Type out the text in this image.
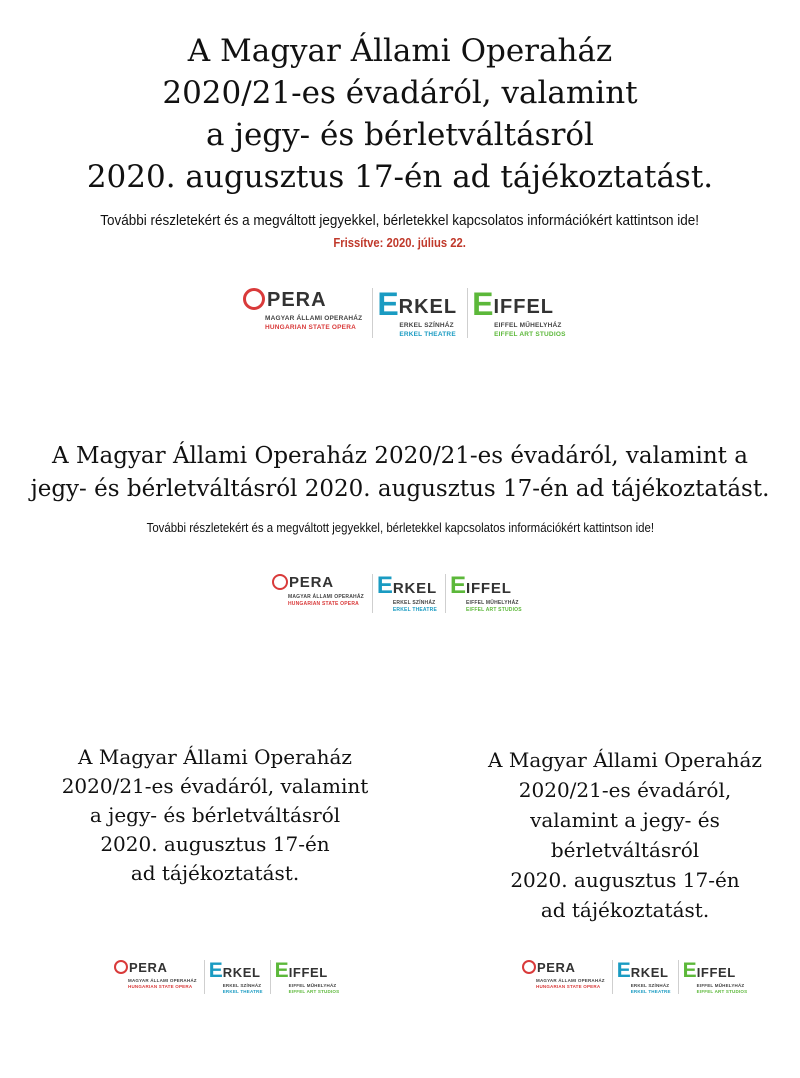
A Magyar Állami Operaház
2020/21-es évadáról, valamint
a jegy- és bérletváltásról
2020. augusztus 17-én ad tájékoztatást.
További részletekért és a megváltott jegyekkel, bérletekkel kapcsolatos információkért kattintson ide!
Frissítve: 2020. július 22.
PERA
MAGYAR ÁLLAMI OPERAHÁZ
HUNGARIAN STATE OPERA
E RKEL
ERKEL SZÍNHÁZ
ERKEL THEATRE
E IFFEL
EIFFEL MŰHELYHÁZ
EIFFEL ART STUDIOS
A Magyar Állami Operaház 2020/21-es évadáról, valamint a
jegy- és bérletváltásról 2020. augusztus 17-én ad tájékoztatást.
További részletekért és a megváltott jegyekkel, bérletekkel kapcsolatos információkért kattintson ide!
PERA
MAGYAR ÁLLAMI OPERAHÁZ
HUNGARIAN STATE OPERA
E RKEL
ERKEL SZÍNHÁZ
ERKEL THEATRE
E IFFEL
EIFFEL MŰHELYHÁZ
EIFFEL ART STUDIOS
A Magyar Állami Operaház
2020/21-es évadáról, valamint
a jegy- és bérletváltásról
2020. augusztus 17-én
ad tájékoztatást.
PERA
MAGYAR ÁLLAMI OPERAHÁZ
HUNGARIAN STATE OPERA
E RKEL
ERKEL SZÍNHÁZ
ERKEL THEATRE
E IFFEL
EIFFEL MŰHELYHÁZ
EIFFEL ART STUDIOS
A Magyar Állami Operaház
2020/21-es évadáról,
valamint a jegy- és
bérletváltásról
2020. augusztus 17-én
ad tájékoztatást.
PERA
MAGYAR ÁLLAMI OPERAHÁZ
HUNGARIAN STATE OPERA
E RKEL
ERKEL SZÍNHÁZ
ERKEL THEATRE
E IFFEL
EIFFEL MŰHELYHÁZ
EIFFEL ART STUDIOS
